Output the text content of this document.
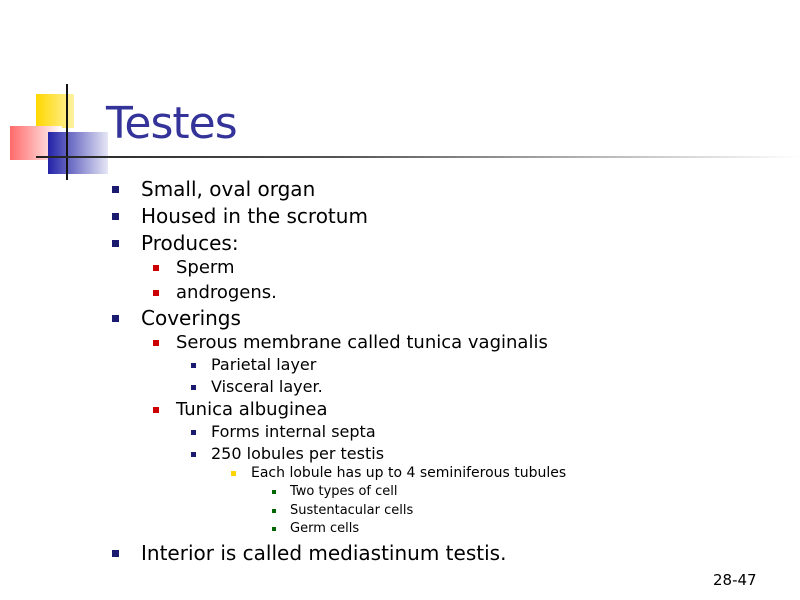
Testes
Small, oval organ
Housed in the scrotum
Produces:
Sperm
androgens.
Coverings
Serous membrane called tunica vaginalis
Parietal layer
Visceral layer.
Tunica albuginea
Forms internal septa
250 lobules per testis
Each lobule has up to 4 seminiferous tubules
Two types of cell
Sustentacular cells
Germ cells
Interior is called mediastinum testis.
28-47
